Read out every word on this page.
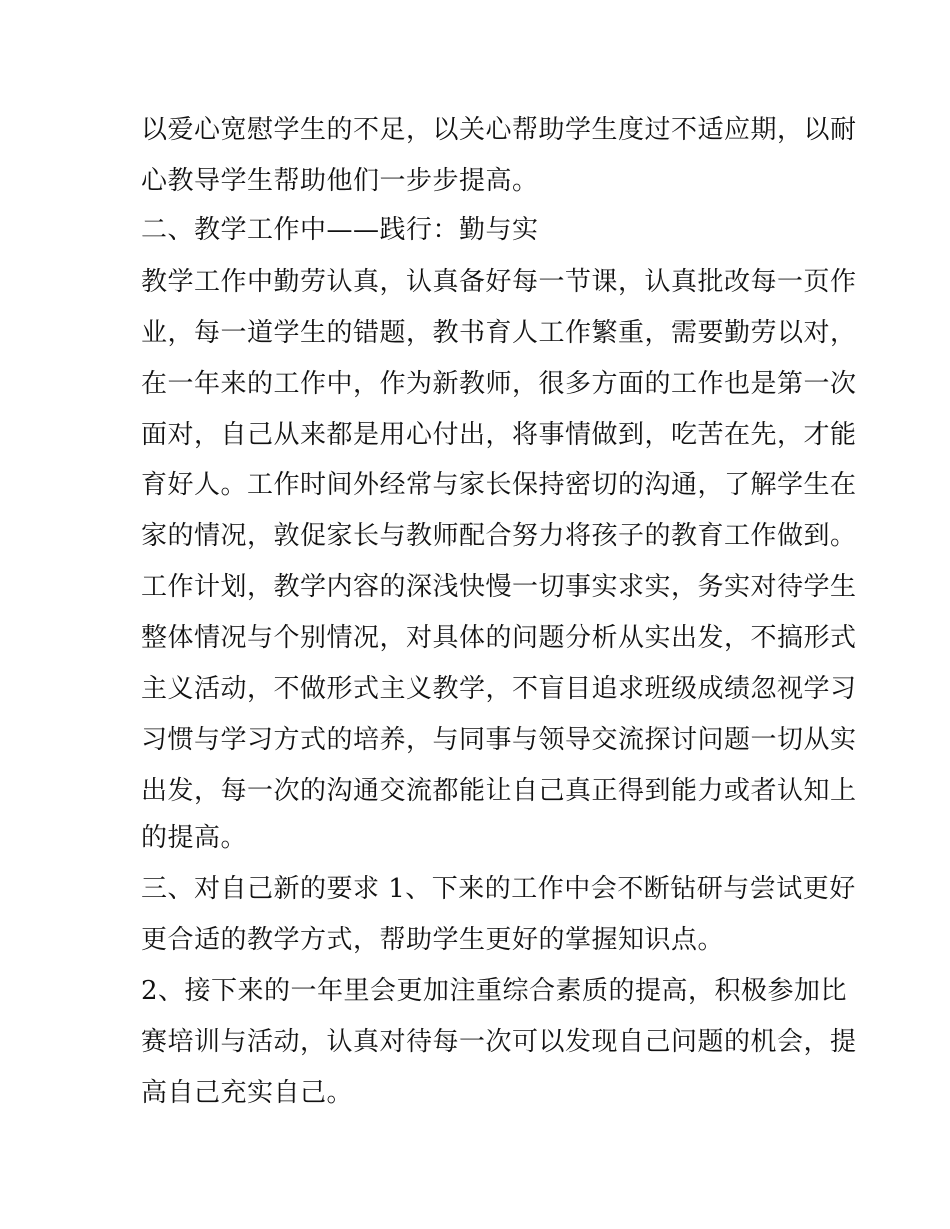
以爱心宽慰学生的不足，以关心帮助学生度过不适应期，以耐
心教导学生帮助他们一步步提高。
二、教学工作中——践行：勤与实
教学工作中勤劳认真，认真备好每一节课，认真批改每一页作
业，每一道学生的错题，教书育人工作繁重，需要勤劳以对，
在一年来的工作中，作为新教师，很多方面的工作也是第一次
面对，自己从来都是用心付出，将事情做到，吃苦在先，才能
育好人。工作时间外经常与家长保持密切的沟通，了解学生在
家的情况，敦促家长与教师配合努力将孩子的教育工作做到。
工作计划，教学内容的深浅快慢一切事实求实，务实对待学生
整体情况与个别情况，对具体的问题分析从实出发，不搞形式
主义活动，不做形式主义教学，不盲目追求班级成绩忽视学习
习惯与学习方式的培养，与同事与领导交流探讨问题一切从实
出发，每一次的沟通交流都能让自己真正得到能力或者认知上
的提高。
三、对自己新的要求 1、下来的工作中会不断钻研与尝试更好
更合适的教学方式，帮助学生更好的掌握知识点。
2、接下来的一年里会更加注重综合素质的提高，积极参加比
赛培训与活动，认真对待每一次可以发现自己问题的机会，提
高自己充实自己。
